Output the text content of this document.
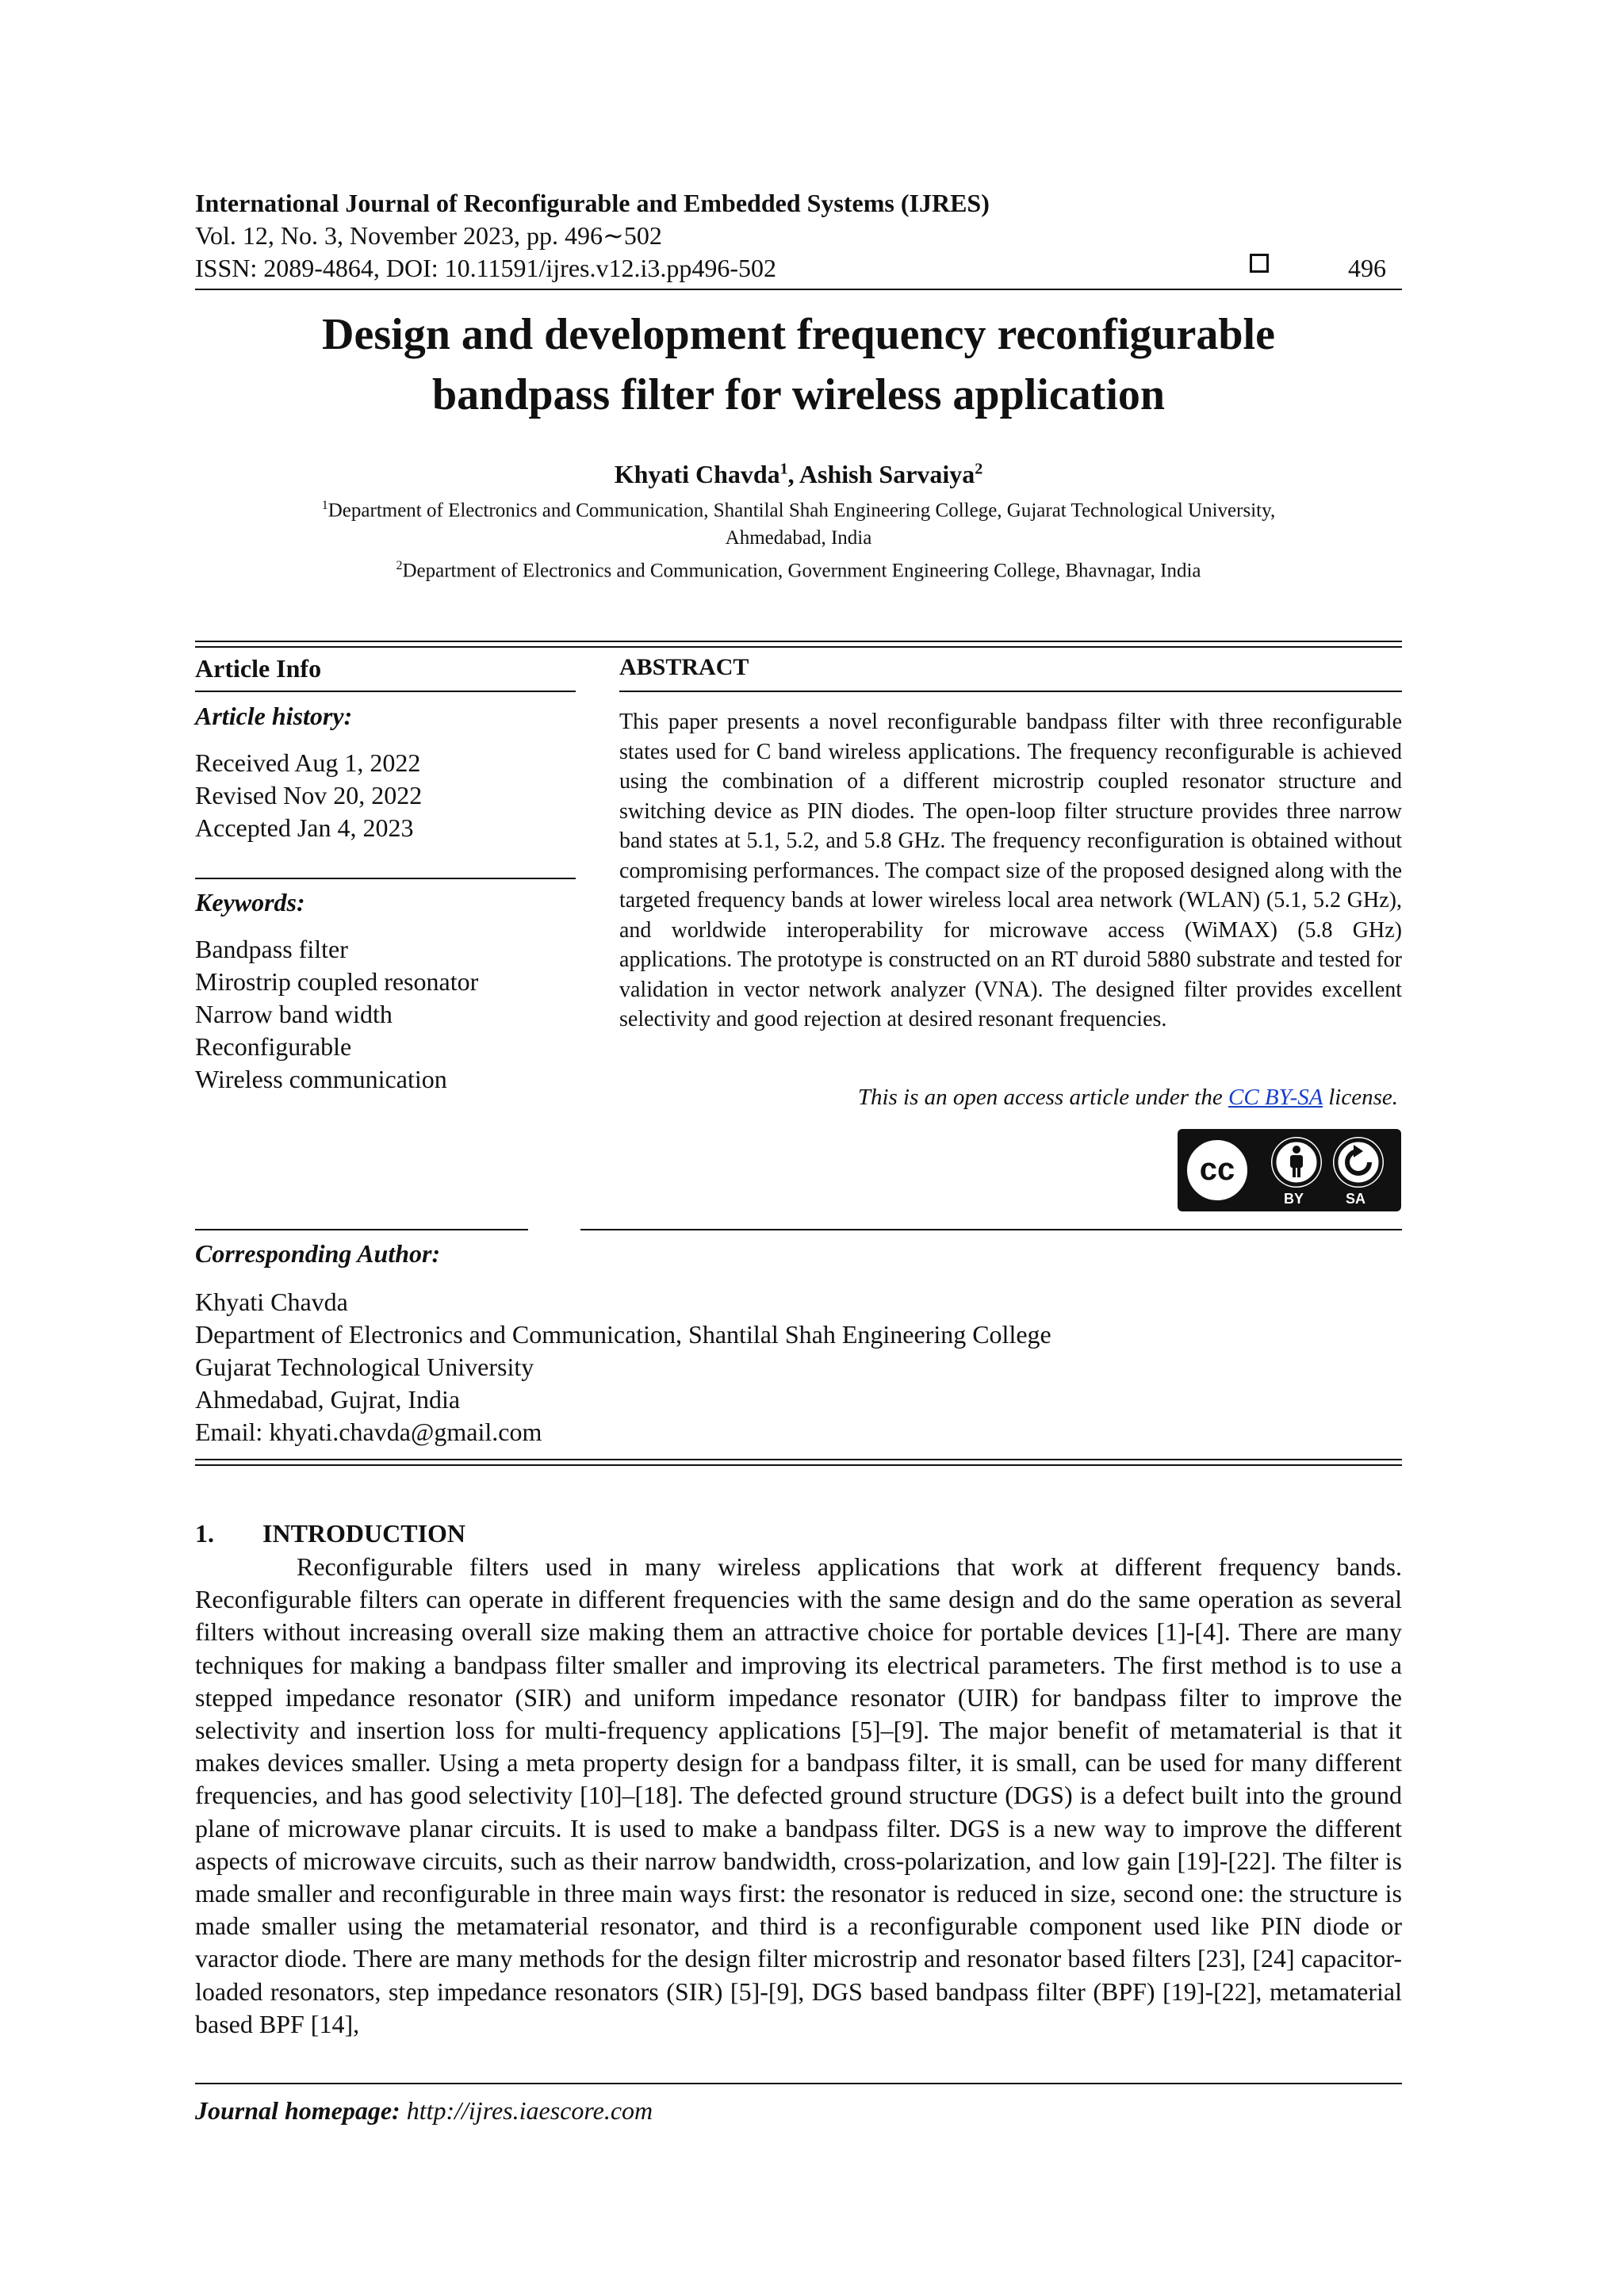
International Journal of Reconfigurable and Embedded Systems (IJRES)
Vol. 12, No. 3, November 2023, pp. 496∼502
ISSN: 2089-4864, DOI: 10.11591/ijres.v12.i3.pp496-502	496
Design and development frequency reconfigurable
bandpass filter for wireless application
Khyati Chavda$^1$, Ashish Sarvaiya$^2$
$^1$Department of Electronics and Communication, Shantilal Shah Engineering College, Gujarat Technological University,
Ahmedabad, India
$^2$Department of Electronics and Communication, Government Engineering College, Bhavnagar, India
Article Info
Article history:
Received Aug 1, 2022
Revised Nov 20, 2022
Accepted Jan 4, 2023
Keywords:
Bandpass filter
Mirostrip coupled resonator
Narrow band width
Reconfigurable
Wireless communication
ABSTRACT
This paper presents a novel reconfigurable bandpass filter with three reconfigurable states used for C band wireless applications. The frequency reconfigurable is achieved using the combination of a different microstrip coupled resonator structure and switching device as PIN diodes. The open-loop filter structure provides three narrow band states at 5.1, 5.2, and 5.8 GHz. The frequency reconfiguration is obtained without compromising performances. The compact size of the proposed designed along with the targeted frequency bands at lower wireless local area network (WLAN) (5.1, 5.2 GHz), and worldwide interoperability for microwave access (WiMAX) (5.8 GHz) applications. The prototype is constructed on an RT duroid 5880 substrate and tested for validation in vector network analyzer (VNA). The designed filter provides excellent selectivity and good rejection at desired resonant frequencies.
This is an open access article under the CC BY-SA license.
cc
BY	SA
Corresponding Author:
Khyati Chavda
Department of Electronics and Communication, Shantilal Shah Engineering College
Gujarat Technological University
Ahmedabad, Gujrat, India
Email: khyati.chavda@gmail.com
1. INTRODUCTION

Reconfigurable filters used in many wireless applications that work at different frequency bands. Reconfigurable filters can operate in different frequencies with the same design and do the same operation as several filters without increasing overall size making them an attractive choice for portable devices [1]-[4]. There are many techniques for making a bandpass filter smaller and improving its electrical parameters. The first method is to use a stepped impedance resonator (SIR) and uniform impedance resonator (UIR) for bandpass filter to improve the selectivity and insertion loss for multi-frequency applications [5]–[9]. The major benefit of metamaterial is that it makes devices smaller. Using a meta property design for a bandpass filter, it is small, can be used for many different frequencies, and has good selectivity [10]–[18]. The defected ground structure (DGS) is a defect built into the ground plane of microwave planar circuits. It is used to make a bandpass filter. DGS is a new way to improve the different aspects of microwave circuits, such as their narrow bandwidth, cross-polarization, and low gain [19]-[22]. The filter is made smaller and reconfigurable in three main ways first: the resonator is reduced in size, second one: the structure is made smaller using the metamaterial resonator, and third is a reconfigurable component used like PIN diode or varactor diode. There are many methods for the design filter microstrip and resonator based filters [23], [24] capacitor-loaded resonators, step impedance resonators (SIR) [5]-[9], DGS based bandpass filter (BPF) [19]-[22], metamaterial based BPF [14],

Journal homepage: http://ijres.iaescore.com
